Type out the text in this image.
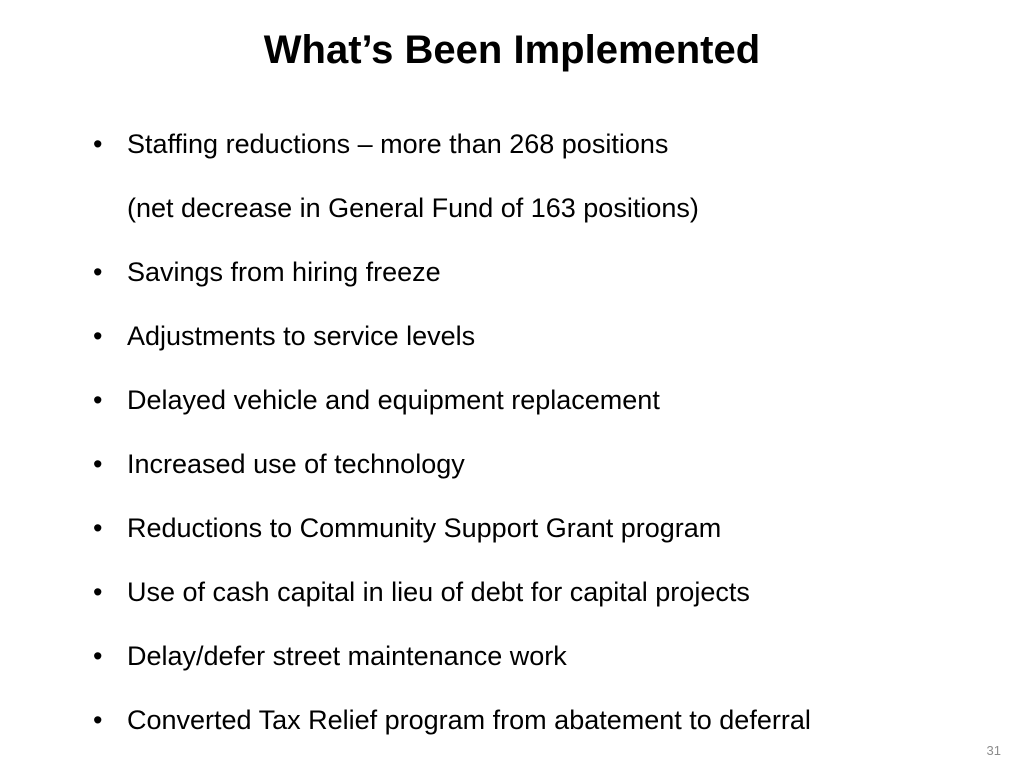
What’s Been Implemented
• Staffing reductions – more than 268 positions
(net decrease in General Fund of 163 positions)
• Savings from hiring freeze
• Adjustments to service levels
• Delayed vehicle and equipment replacement
• Increased use of technology
• Reductions to Community Support Grant program
• Use of cash capital in lieu of debt for capital projects
• Delay/defer street maintenance work
• Converted Tax Relief program from abatement to deferral
31
